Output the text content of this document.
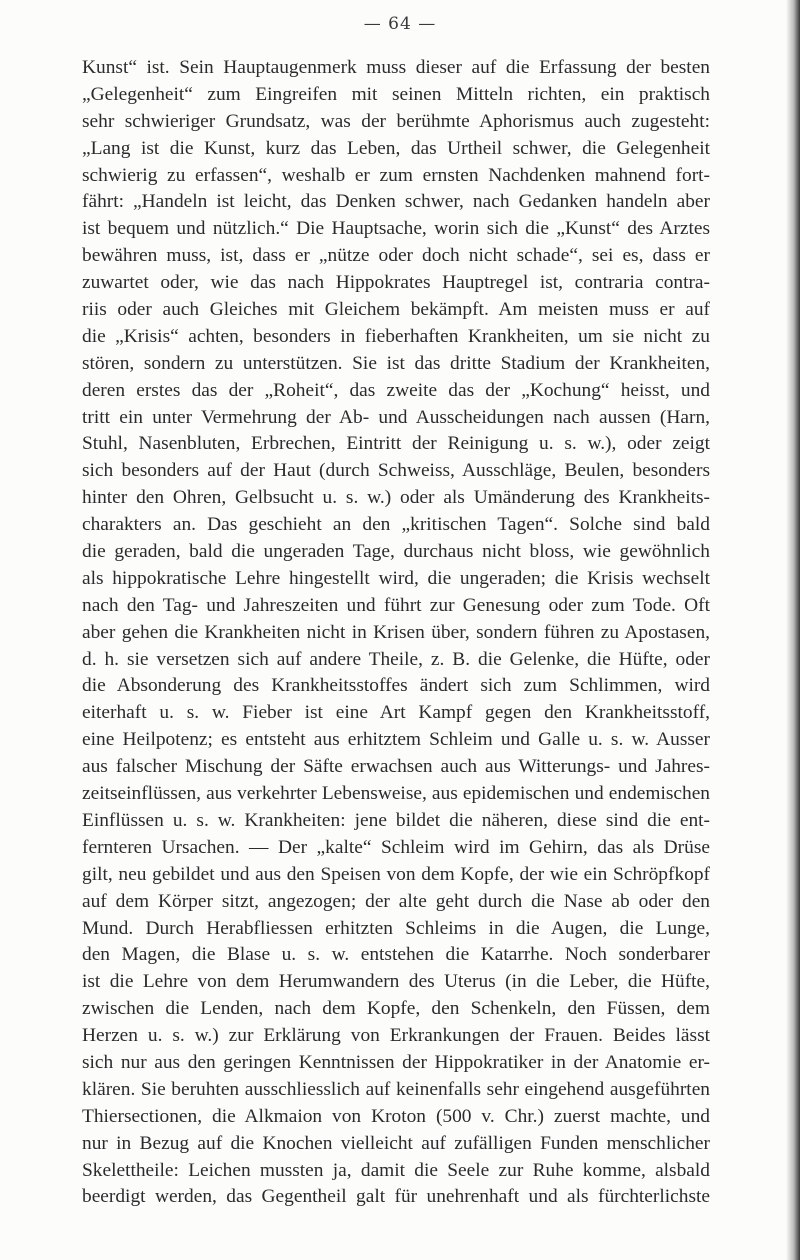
— 64 —
Kunst“ ist. Sein Hauptaugenmerk muss dieser auf die Erfassung der besten
„Gelegenheit“ zum Eingreifen mit seinen Mitteln richten, ein praktisch
sehr schwieriger Grundsatz, was der berühmte Aphorismus auch zugesteht:
„Lang ist die Kunst, kurz das Leben, das Urtheil schwer, die Gelegenheit
schwierig zu erfassen“, weshalb er zum ernsten Nachdenken mahnend fort-
fährt: „Handeln ist leicht, das Denken schwer, nach Gedanken handeln aber
ist bequem und nützlich.“ Die Hauptsache, worin sich die „Kunst“ des Arztes
bewähren muss, ist, dass er „nütze oder doch nicht schade“, sei es, dass er
zuwartet oder, wie das nach Hippokrates Hauptregel ist, contraria contra-
riis oder auch Gleiches mit Gleichem bekämpft. Am meisten muss er auf
die „Krisis“ achten, besonders in fieberhaften Krankheiten, um sie nicht zu
stören, sondern zu unterstützen. Sie ist das dritte Stadium der Krankheiten,
deren erstes das der „Roheit“, das zweite das der „Kochung“ heisst, und
tritt ein unter Vermehrung der Ab- und Ausscheidungen nach aussen (Harn,
Stuhl, Nasenbluten, Erbrechen, Eintritt der Reinigung u. s. w.), oder zeigt
sich besonders auf der Haut (durch Schweiss, Ausschläge, Beulen, besonders
hinter den Ohren, Gelbsucht u. s. w.) oder als Umänderung des Krankheits-
charakters an. Das geschieht an den „kritischen Tagen“. Solche sind bald
die geraden, bald die ungeraden Tage, durchaus nicht bloss, wie gewöhnlich
als hippokratische Lehre hingestellt wird, die ungeraden; die Krisis wechselt
nach den Tag- und Jahreszeiten und führt zur Genesung oder zum Tode. Oft
aber gehen die Krankheiten nicht in Krisen über, sondern führen zu Apostasen,
d. h. sie versetzen sich auf andere Theile, z. B. die Gelenke, die Hüfte, oder
die Absonderung des Krankheitsstoffes ändert sich zum Schlimmen, wird
eiterhaft u. s. w. Fieber ist eine Art Kampf gegen den Krankheitsstoff,
eine Heilpotenz; es entsteht aus erhitztem Schleim und Galle u. s. w. Ausser
aus falscher Mischung der Säfte erwachsen auch aus Witterungs- und Jahres-
zeitseinflüssen, aus verkehrter Lebensweise, aus epidemischen und endemischen
Einflüssen u. s. w. Krankheiten: jene bildet die näheren, diese sind die ent-
fernteren Ursachen. — Der „kalte“ Schleim wird im Gehirn, das als Drüse
gilt, neu gebildet und aus den Speisen von dem Kopfe, der wie ein Schröpfkopf
auf dem Körper sitzt, angezogen; der alte geht durch die Nase ab oder den
Mund. Durch Herabfliessen erhitzten Schleims in die Augen, die Lunge,
den Magen, die Blase u. s. w. entstehen die Katarrhe. Noch sonderbarer
ist die Lehre von dem Herumwandern des Uterus (in die Leber, die Hüfte,
zwischen die Lenden, nach dem Kopfe, den Schenkeln, den Füssen, dem
Herzen u. s. w.) zur Erklärung von Erkrankungen der Frauen. Beides lässt
sich nur aus den geringen Kenntnissen der Hippokratiker in der Anatomie er-
klären. Sie beruhten ausschliesslich auf keinenfalls sehr eingehend ausgeführten
Thiersectionen, die Alkmaion von Kroton (500 v. Chr.) zuerst machte, und
nur in Bezug auf die Knochen vielleicht auf zufälligen Funden menschlicher
Skelettheile: Leichen mussten ja, damit die Seele zur Ruhe komme, alsbald
beerdigt werden, das Gegentheil galt für unehrenhaft und als fürchterlichste
